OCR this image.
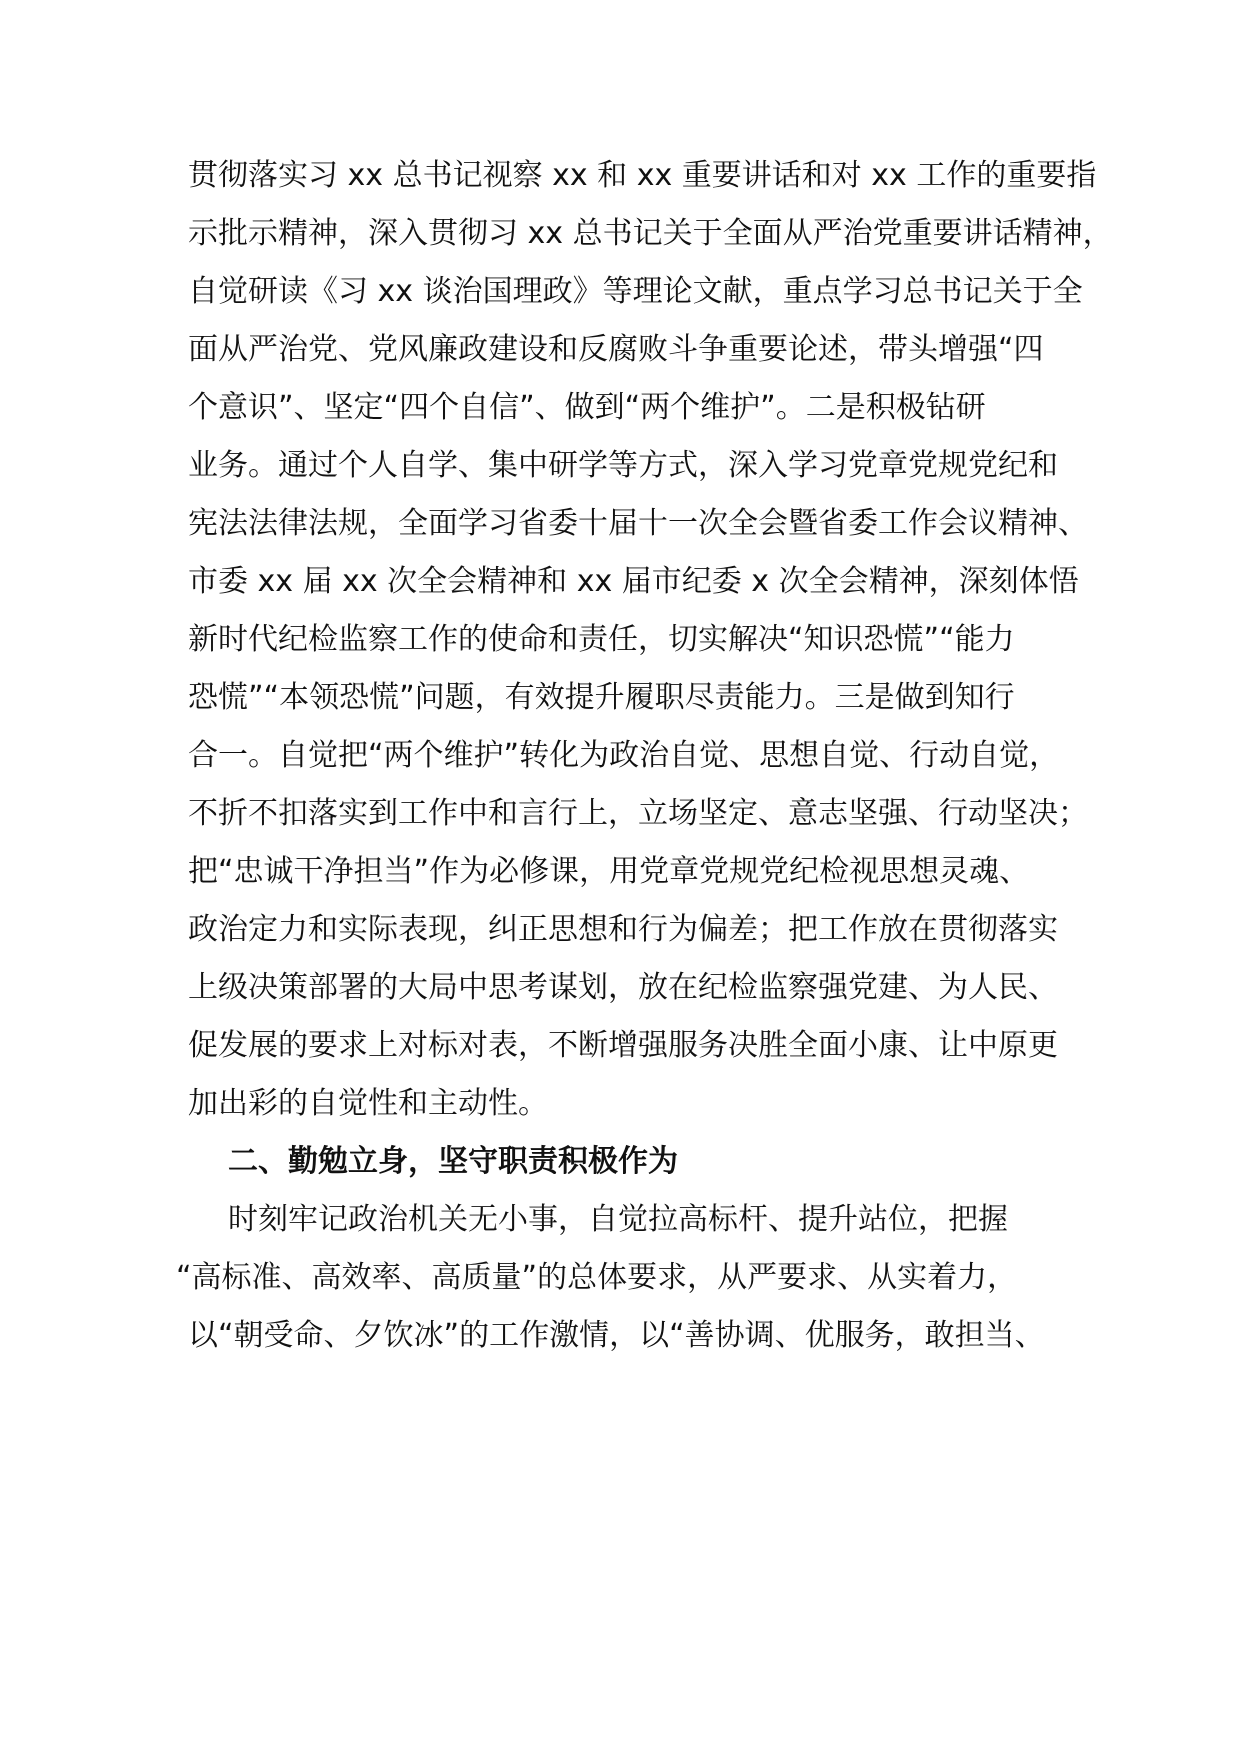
贯彻落实习 xx 总书记视察 xx 和 xx 重要讲话和对 xx 工作的重要指
示批示精神，深入贯彻习 xx 总书记关于全面从严治党重要讲话精神，
自觉研读《习 xx 谈治国理政》等理论文献，重点学习总书记关于全
面从严治党、党风廉政建设和反腐败斗争重要论述，带头增强“四
个意识”、坚定“四个自信”、做到“两个维护”。二是积极钻研
业务。通过个人自学、集中研学等方式，深入学习党章党规党纪和
宪法法律法规，全面学习省委十届十一次全会暨省委工作会议精神、
市委 xx 届 xx 次全会精神和 xx 届市纪委 x 次全会精神，深刻体悟
新时代纪检监察工作的使命和责任，切实解决“知识恐慌”“能力
恐慌”“本领恐慌”问题，有效提升履职尽责能力。三是做到知行
合一。自觉把“两个维护”转化为政治自觉、思想自觉、行动自觉，
不折不扣落实到工作中和言行上，立场坚定、意志坚强、行动坚决；
把“忠诚干净担当”作为必修课，用党章党规党纪检视思想灵魂、
政治定力和实际表现，纠正思想和行为偏差；把工作放在贯彻落实
上级决策部署的大局中思考谋划，放在纪检监察强党建、为人民、
促发展的要求上对标对表，不断增强服务决胜全面小康、让中原更
加出彩的自觉性和主动性。
二、勤勉立身，坚守职责积极作为
时刻牢记政治机关无小事，自觉拉高标杆、提升站位，把握
“高标准、高效率、高质量”的总体要求，从严要求、从实着力，
以“朝受命、夕饮冰”的工作激情，以“善协调、优服务，敢担当、
